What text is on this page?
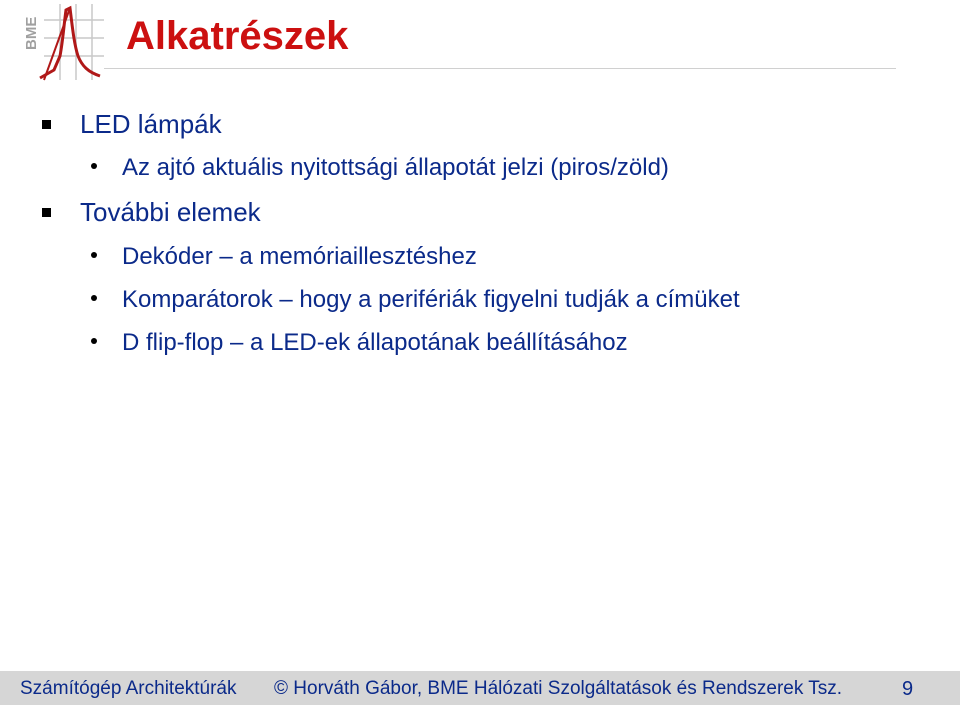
BME Alkatrészek
LED lámpák
Az ajtó aktuális nyitottsági állapotát jelzi (piros/zöld)
További elemek
Dekóder – a memóriaillesztéshez
Komparátorok – hogy a perifériák figyelni tudják a címüket
D flip-flop – a LED-ek állapotának beállításához
Számítógép Architektúrák © Horváth Gábor, BME Hálózati Szolgáltatások és Rendszerek Tsz.	9
